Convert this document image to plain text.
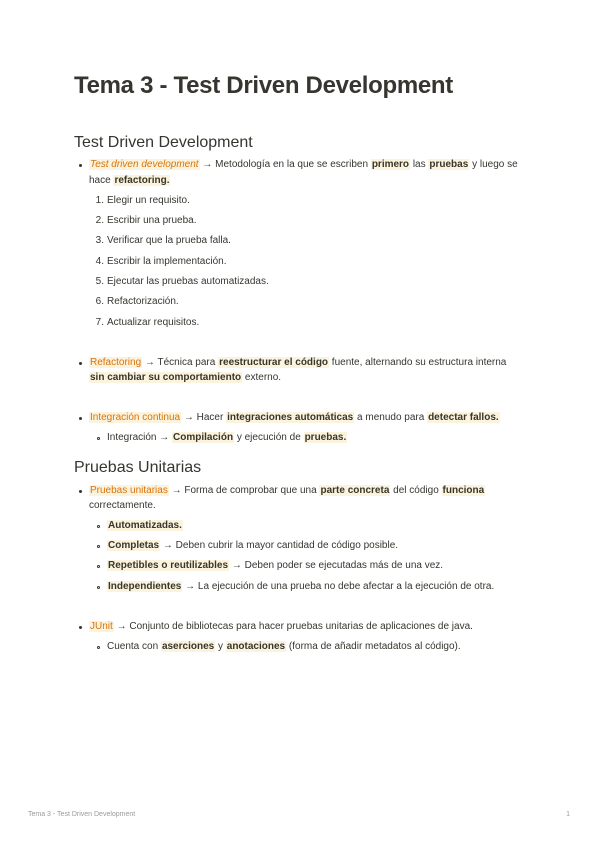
Tema 3 - Test Driven Development
Test Driven Development
Test driven development → Metodología en la que se escriben primero las pruebas y luego se
hace refactoring.
1. Elegir un requisito.
2. Escribir una prueba.
3. Verificar que la prueba falla.
4. Escribir la implementación.
5. Ejecutar las pruebas automatizadas.
6. Refactorización.
7. Actualizar requisitos.
Refactoring → Técnica para reestructurar el código fuente, alternando su estructura interna
sin cambiar su comportamiento externo.
Integración continua → Hacer integraciones automáticas a menudo para detectar fallos.
Integración → Compilación y ejecución de pruebas.
Pruebas Unitarias
Pruebas unitarias → Forma de comprobar que una parte concreta del código funciona
correctamente.
Automatizadas.
Completas → Deben cubrir la mayor cantidad de código posible.
Repetibles o reutilizables → Deben poder se ejecutadas más de una vez.
Independientes → La ejecución de una prueba no debe afectar a la ejecución de otra.
JUnit → Conjunto de bibliotecas para hacer pruebas unitarias de aplicaciones de java.
Cuenta con aserciones y anotaciones (forma de añadir metadatos al código).
Tema 3 - Test Driven Development	1
